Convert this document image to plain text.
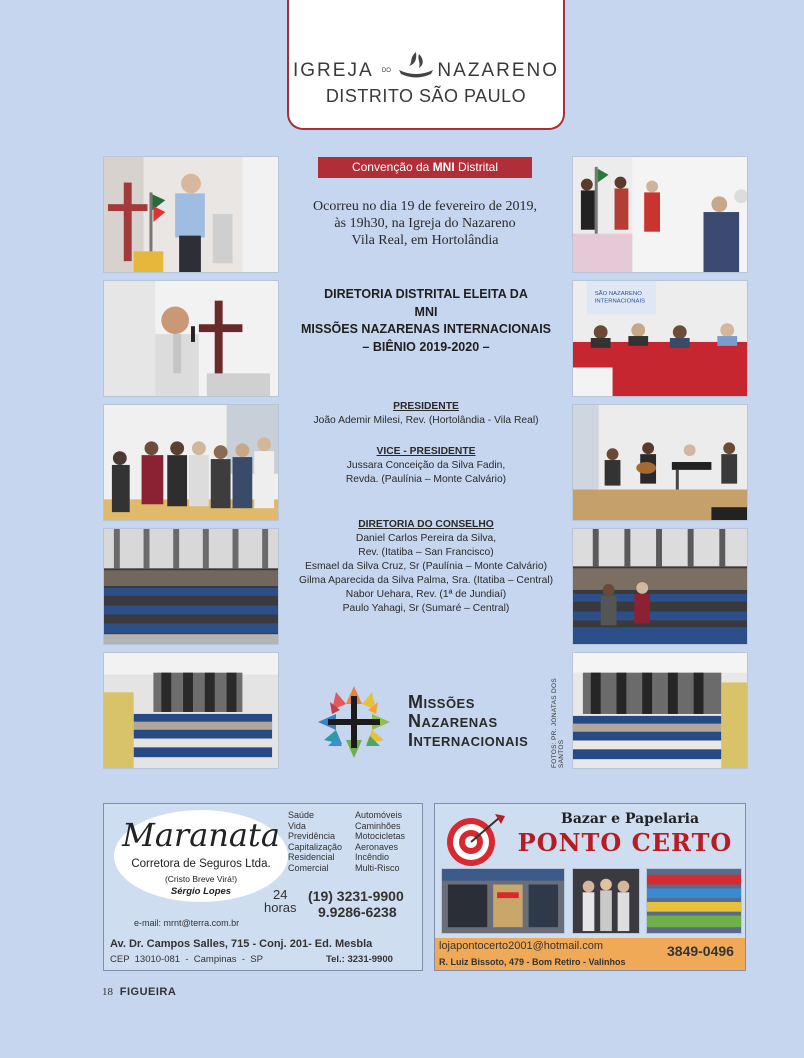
IGREJA DO NAZARENO
DISTRITO SÃO PAULO
SÃO NAZARENO
INTERNACIONAIS
Convenção da MNI Distrital
Ocorreu no dia 19 de fevereiro de 2019,
às 19h30, na Igreja do Nazareno
Vila Real, em Hortolândia
DIRETORIA DISTRITAL ELEITA DA
MNI
MISSÕES NAZARENAS INTERNACIONAIS
– BIÊNIO 2019-2020 –
PRESIDENTE
João Ademir Milesi, Rev. (Hortolândia - Vila Real)
VICE - PRESIDENTE
Jussara Conceição da Silva Fadin,
Revda. (Paulínia – Monte Calvário)
DIRETORIA DO CONSELHO
Daniel Carlos Pereira da Silva,
Rev. (Itatiba – San Francisco)
Esmael da Silva Cruz, Sr (Paulínia – Monte Calvário)
Gilma Aparecida da Silva Palma, Sra. (Itatiba – Central)
Nabor Uehara, Rev. (1ª de Jundiaí)
Paulo Yahagi, Sr (Sumaré – Central)
Missões
Nazarenas
Internacionais	FOTOS: PR. JONATAS DOS SANTOS
Maranata
Corretora de Seguros Ltda.
(Cristo Breve Virá!)
Sérgio Lopes
Saúde
Vida
Previdência
Capitalização
Residencial
Comercial
Automóveis
Caminhões
Motocicletas
Aeronaves
Incêndio
Multi-Risco
24
horas
(19) 3231-9900
9.9286-6238
e-mail: mrnt@terra.com.br
Av. Dr. Campos Salles, 715 - Conj. 201- Ed. Mesbla
CEP  13010-081  -  Campinas  -  SP	Tel.: 3231-9900
Bazar e Papelaria
PONTO CERTO
lojapontocerto2001@hotmail.com	3849-0496
R. Luiz Bissoto, 479 - Bom Retiro - Valinhos
18 FIGUEIRA
